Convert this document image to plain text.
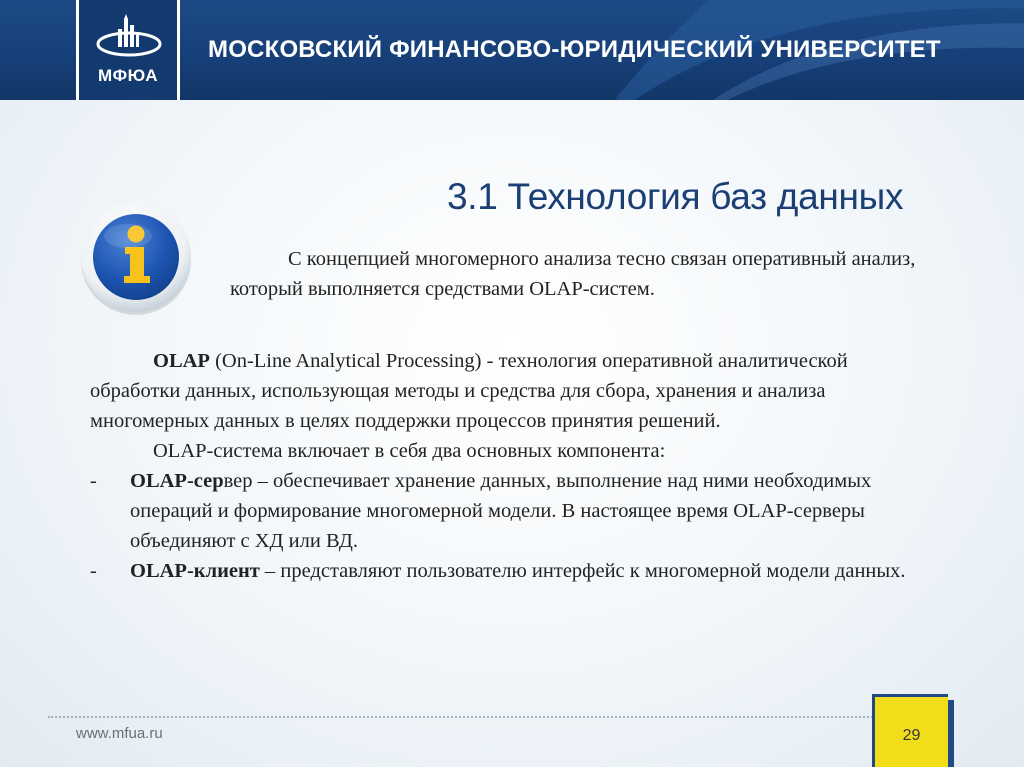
МФЮА
МОСКОВСКИЙ ФИНАНСОВО-ЮРИДИЧЕСКИЙ УНИВЕРСИТЕТ
3.1 Технология баз данных

С концепцией многомерного анализа тесно связан оперативный анализ, который выполняется средствами OLAP-систем.

OLAP (On-Line Analytical Processing) - технология оперативной аналитической обработки данных, использующая методы и средства для сбора, хранения и анализа многомерных данных в целях поддержки процессов принятия решений.

OLAP-система включает в себя два основных компонента:

- OLAP-сервер – обеспечивает хранение данных, выполнение над ними необходимых операций и формирование многомерной модели. В настоящее время OLAP-серверы объединяют с ХД или ВД.

- OLAP-клиент – представляют пользователю интерфейс к многомерной модели данных.

www.mfua.ru	29
